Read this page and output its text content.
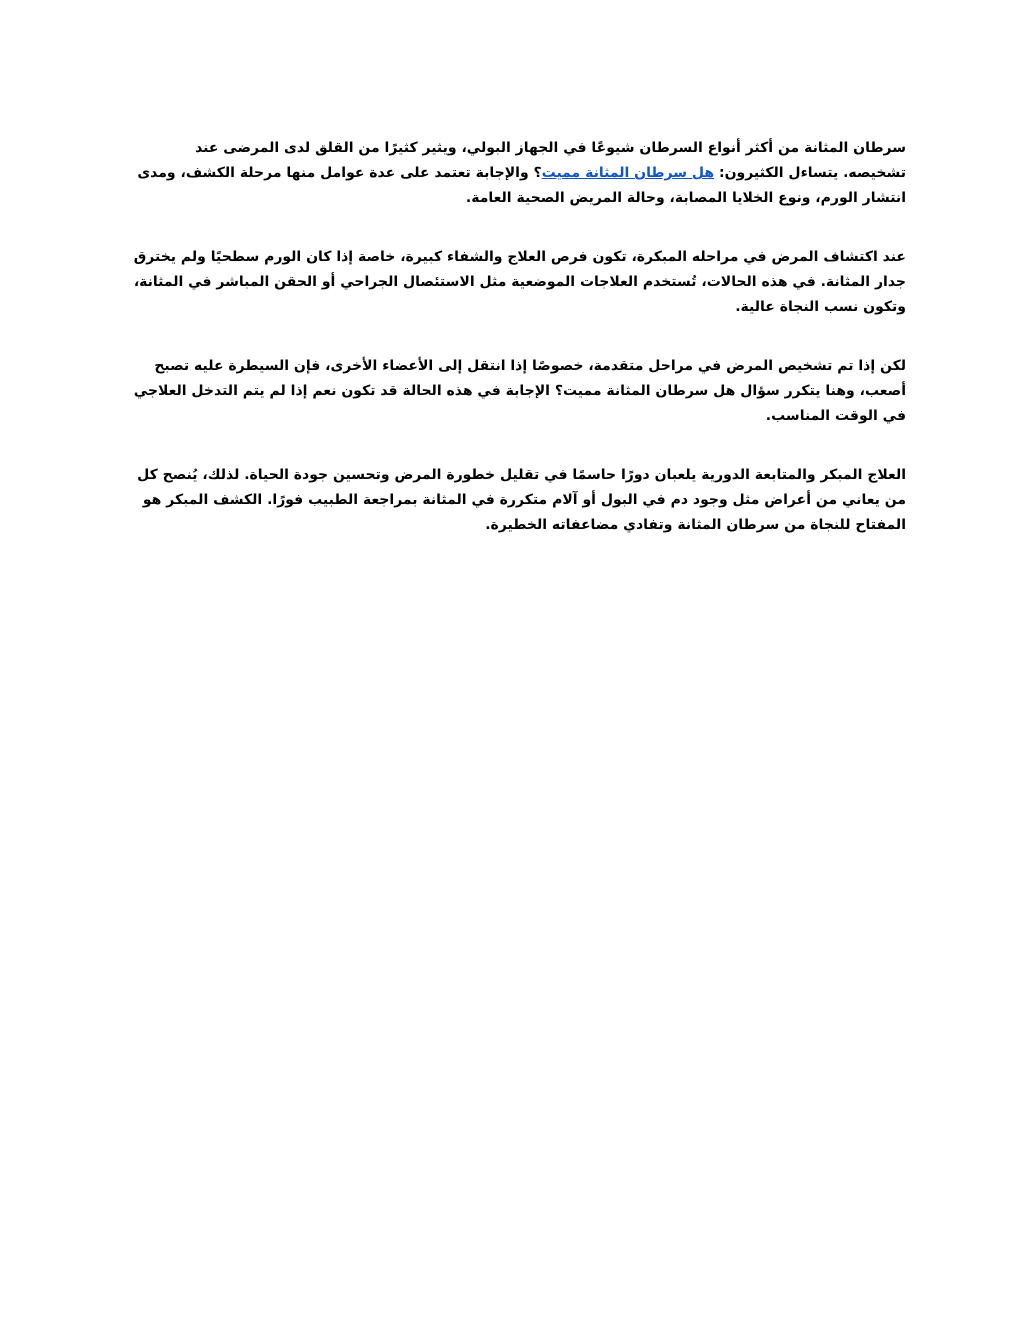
سرطان المثانة من أكثر أنواع السرطان شيوعًا في الجهاز البولي، ويثير كثيرًا من القلق لدى المرضى عند تشخيصه. يتساءل الكثيرون: هل سرطان المثانة مميت؟ والإجابة تعتمد على عدة عوامل منها مرحلة الكشف، ومدى انتشار الورم، ونوع الخلايا المصابة، وحالة المريض الصحية العامة.

عند اكتشاف المرض في مراحله المبكرة، تكون فرص العلاج والشفاء كبيرة، خاصة إذا كان الورم سطحيًا ولم يخترق جدار المثانة. في هذه الحالات، تُستخدم العلاجات الموضعية مثل الاستئصال الجراحي أو الحقن المباشر في المثانة، وتكون نسب النجاة عالية.

لكن إذا تم تشخيص المرض في مراحل متقدمة، خصوصًا إذا انتقل إلى الأعضاء الأخرى، فإن السيطرة عليه تصبح أصعب، وهنا يتكرر سؤال هل سرطان المثانة مميت؟ الإجابة في هذه الحالة قد تكون نعم إذا لم يتم التدخل العلاجي في الوقت المناسب.

العلاج المبكر والمتابعة الدورية يلعبان دورًا حاسمًا في تقليل خطورة المرض وتحسين جودة الحياة. لذلك، يُنصح كل من يعاني من أعراض مثل وجود دم في البول أو آلام متكررة في المثانة بمراجعة الطبيب فورًا. الكشف المبكر هو المفتاح للنجاة من سرطان المثانة وتفادي مضاعفاته الخطيرة.
